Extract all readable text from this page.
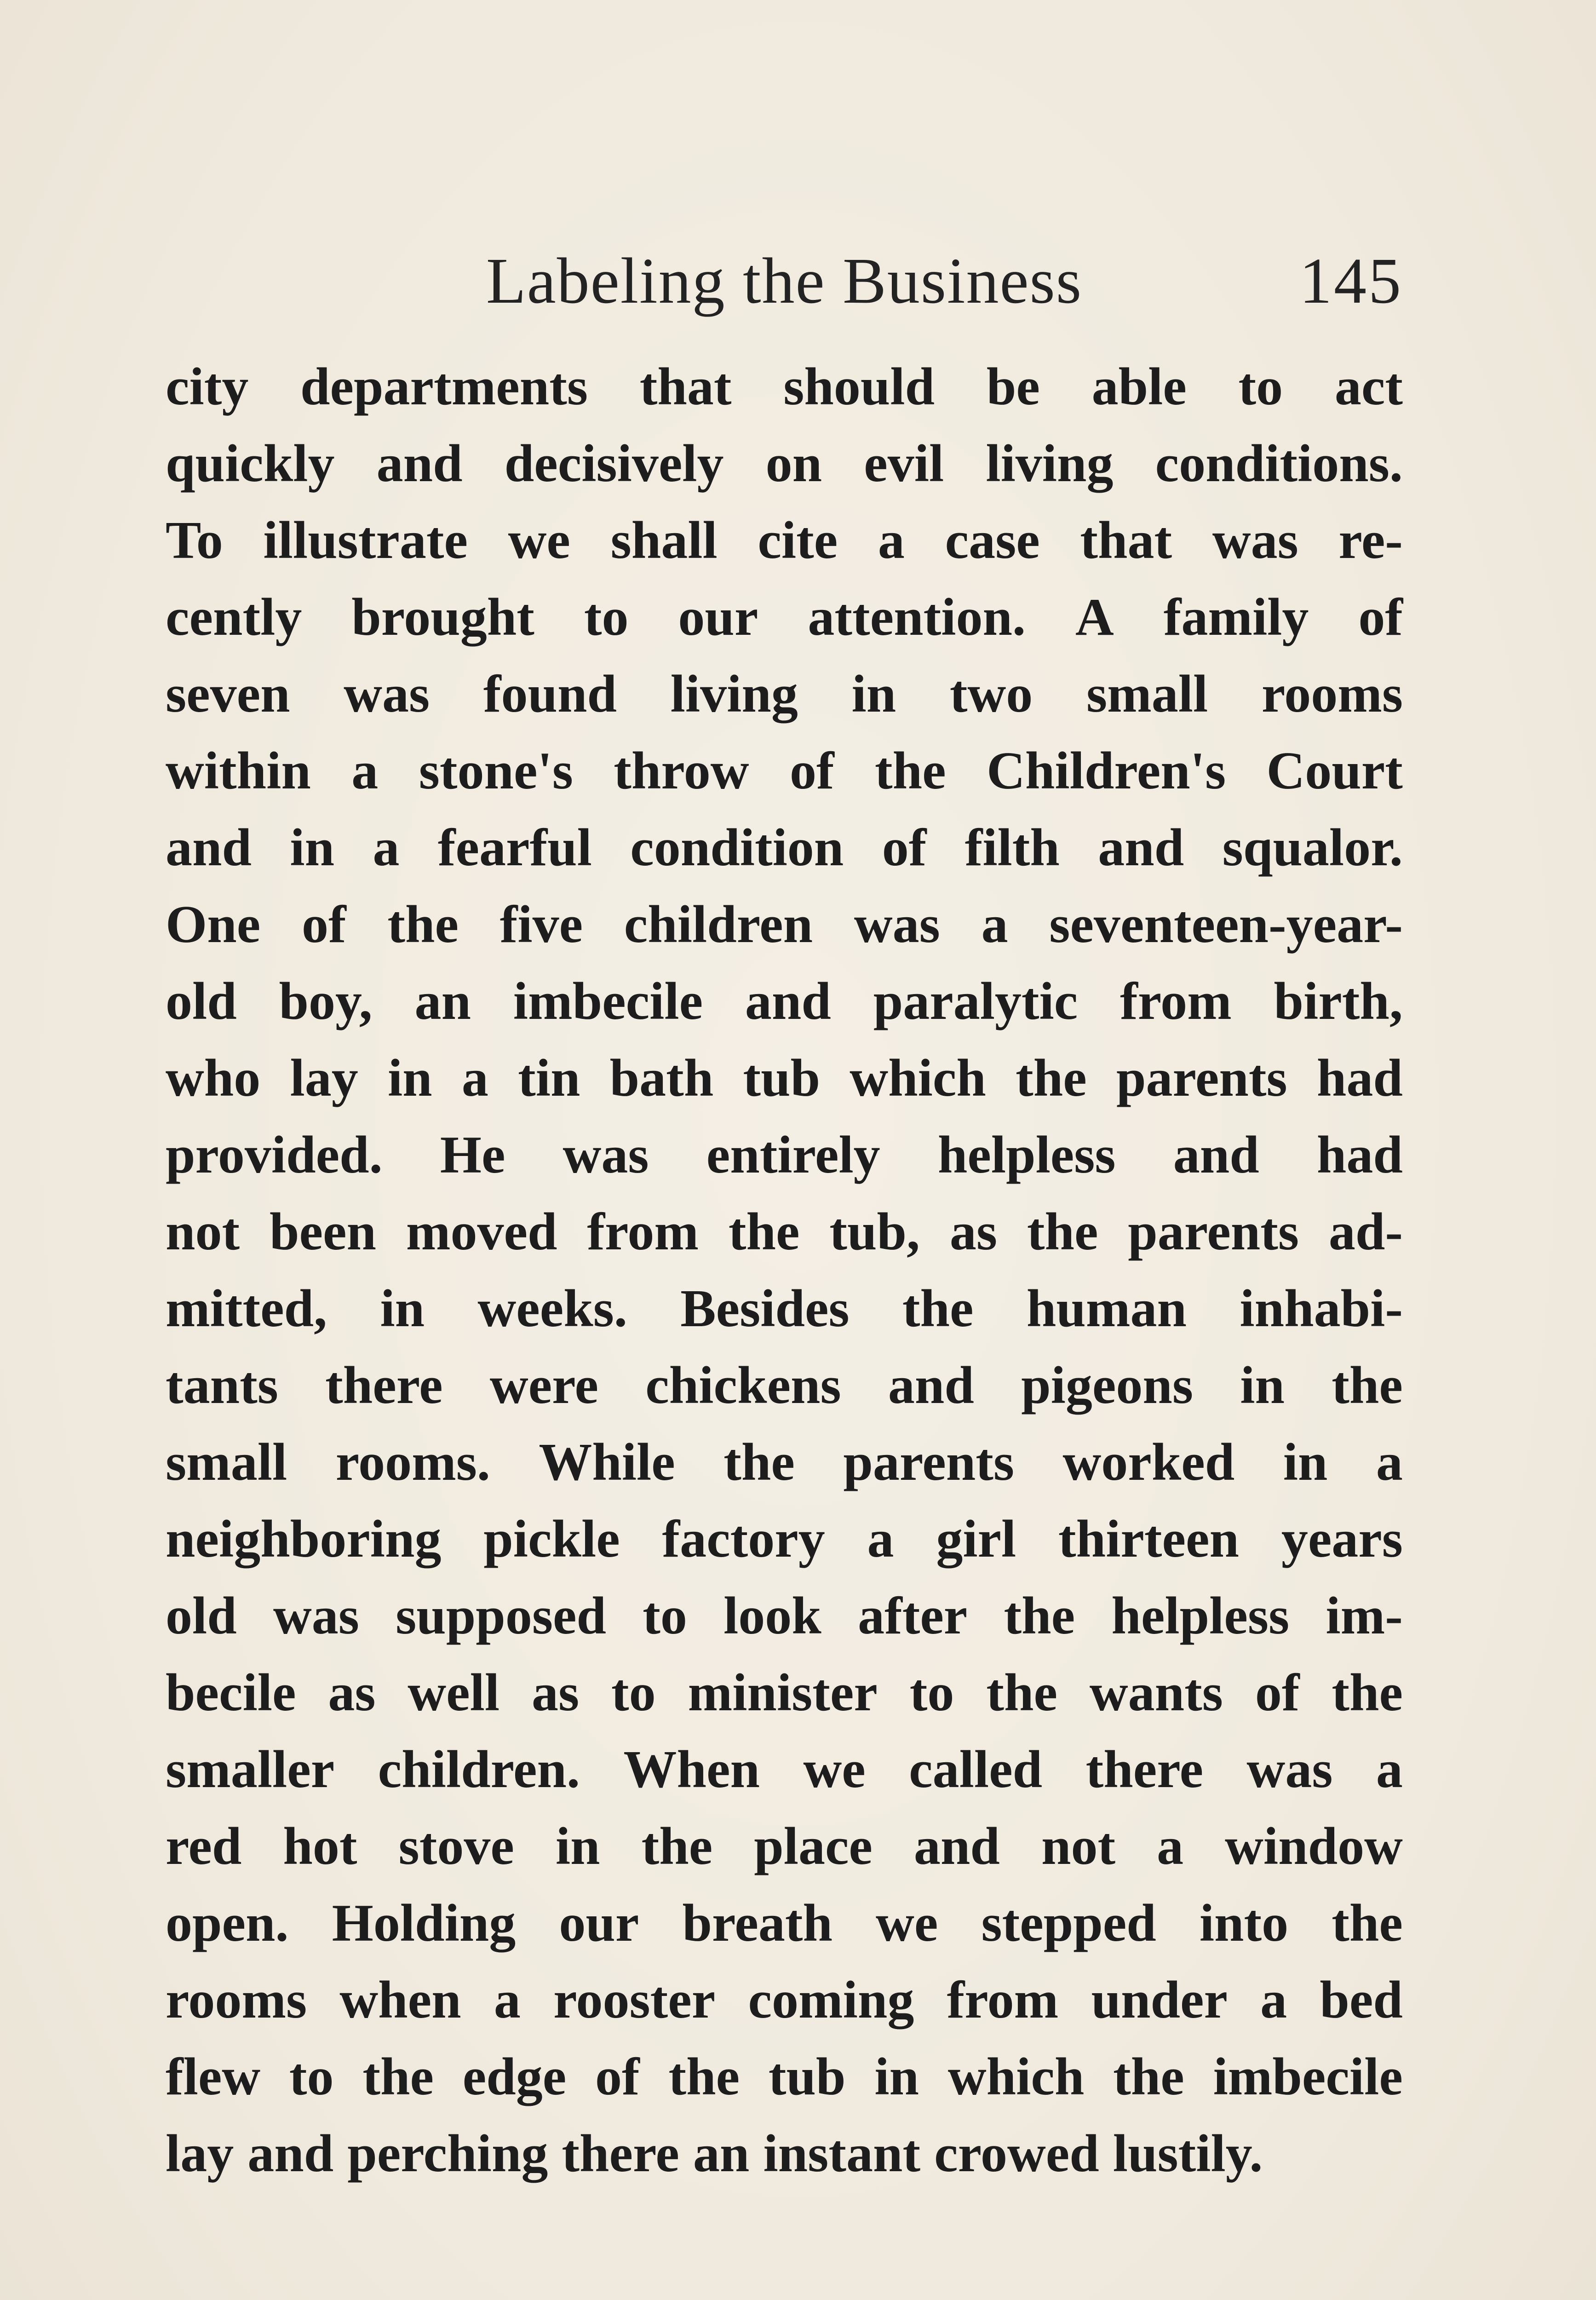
Labeling the Business	145
city departments that should be able to act
quickly and decisively on evil living conditions.
To illustrate we shall cite a case that was re-
cently brought to our attention. A family of
seven was found living in two small rooms
within a stone's throw of the Children's Court
and in a fearful condition of filth and squalor.
One of the five children was a seventeen-year-
old boy, an imbecile and paralytic from birth,
who lay in a tin bath tub which the parents had
provided. He was entirely helpless and had
not been moved from the tub, as the parents ad-
mitted, in weeks. Besides the human inhabi-
tants there were chickens and pigeons in the
small rooms. While the parents worked in a
neighboring pickle factory a girl thirteen years
old was supposed to look after the helpless im-
becile as well as to minister to the wants of the
smaller children. When we called there was a
red hot stove in the place and not a window
open. Holding our breath we stepped into the
rooms when a rooster coming from under a bed
flew to the edge of the tub in which the imbecile
lay and perching there an instant crowed lustily.
